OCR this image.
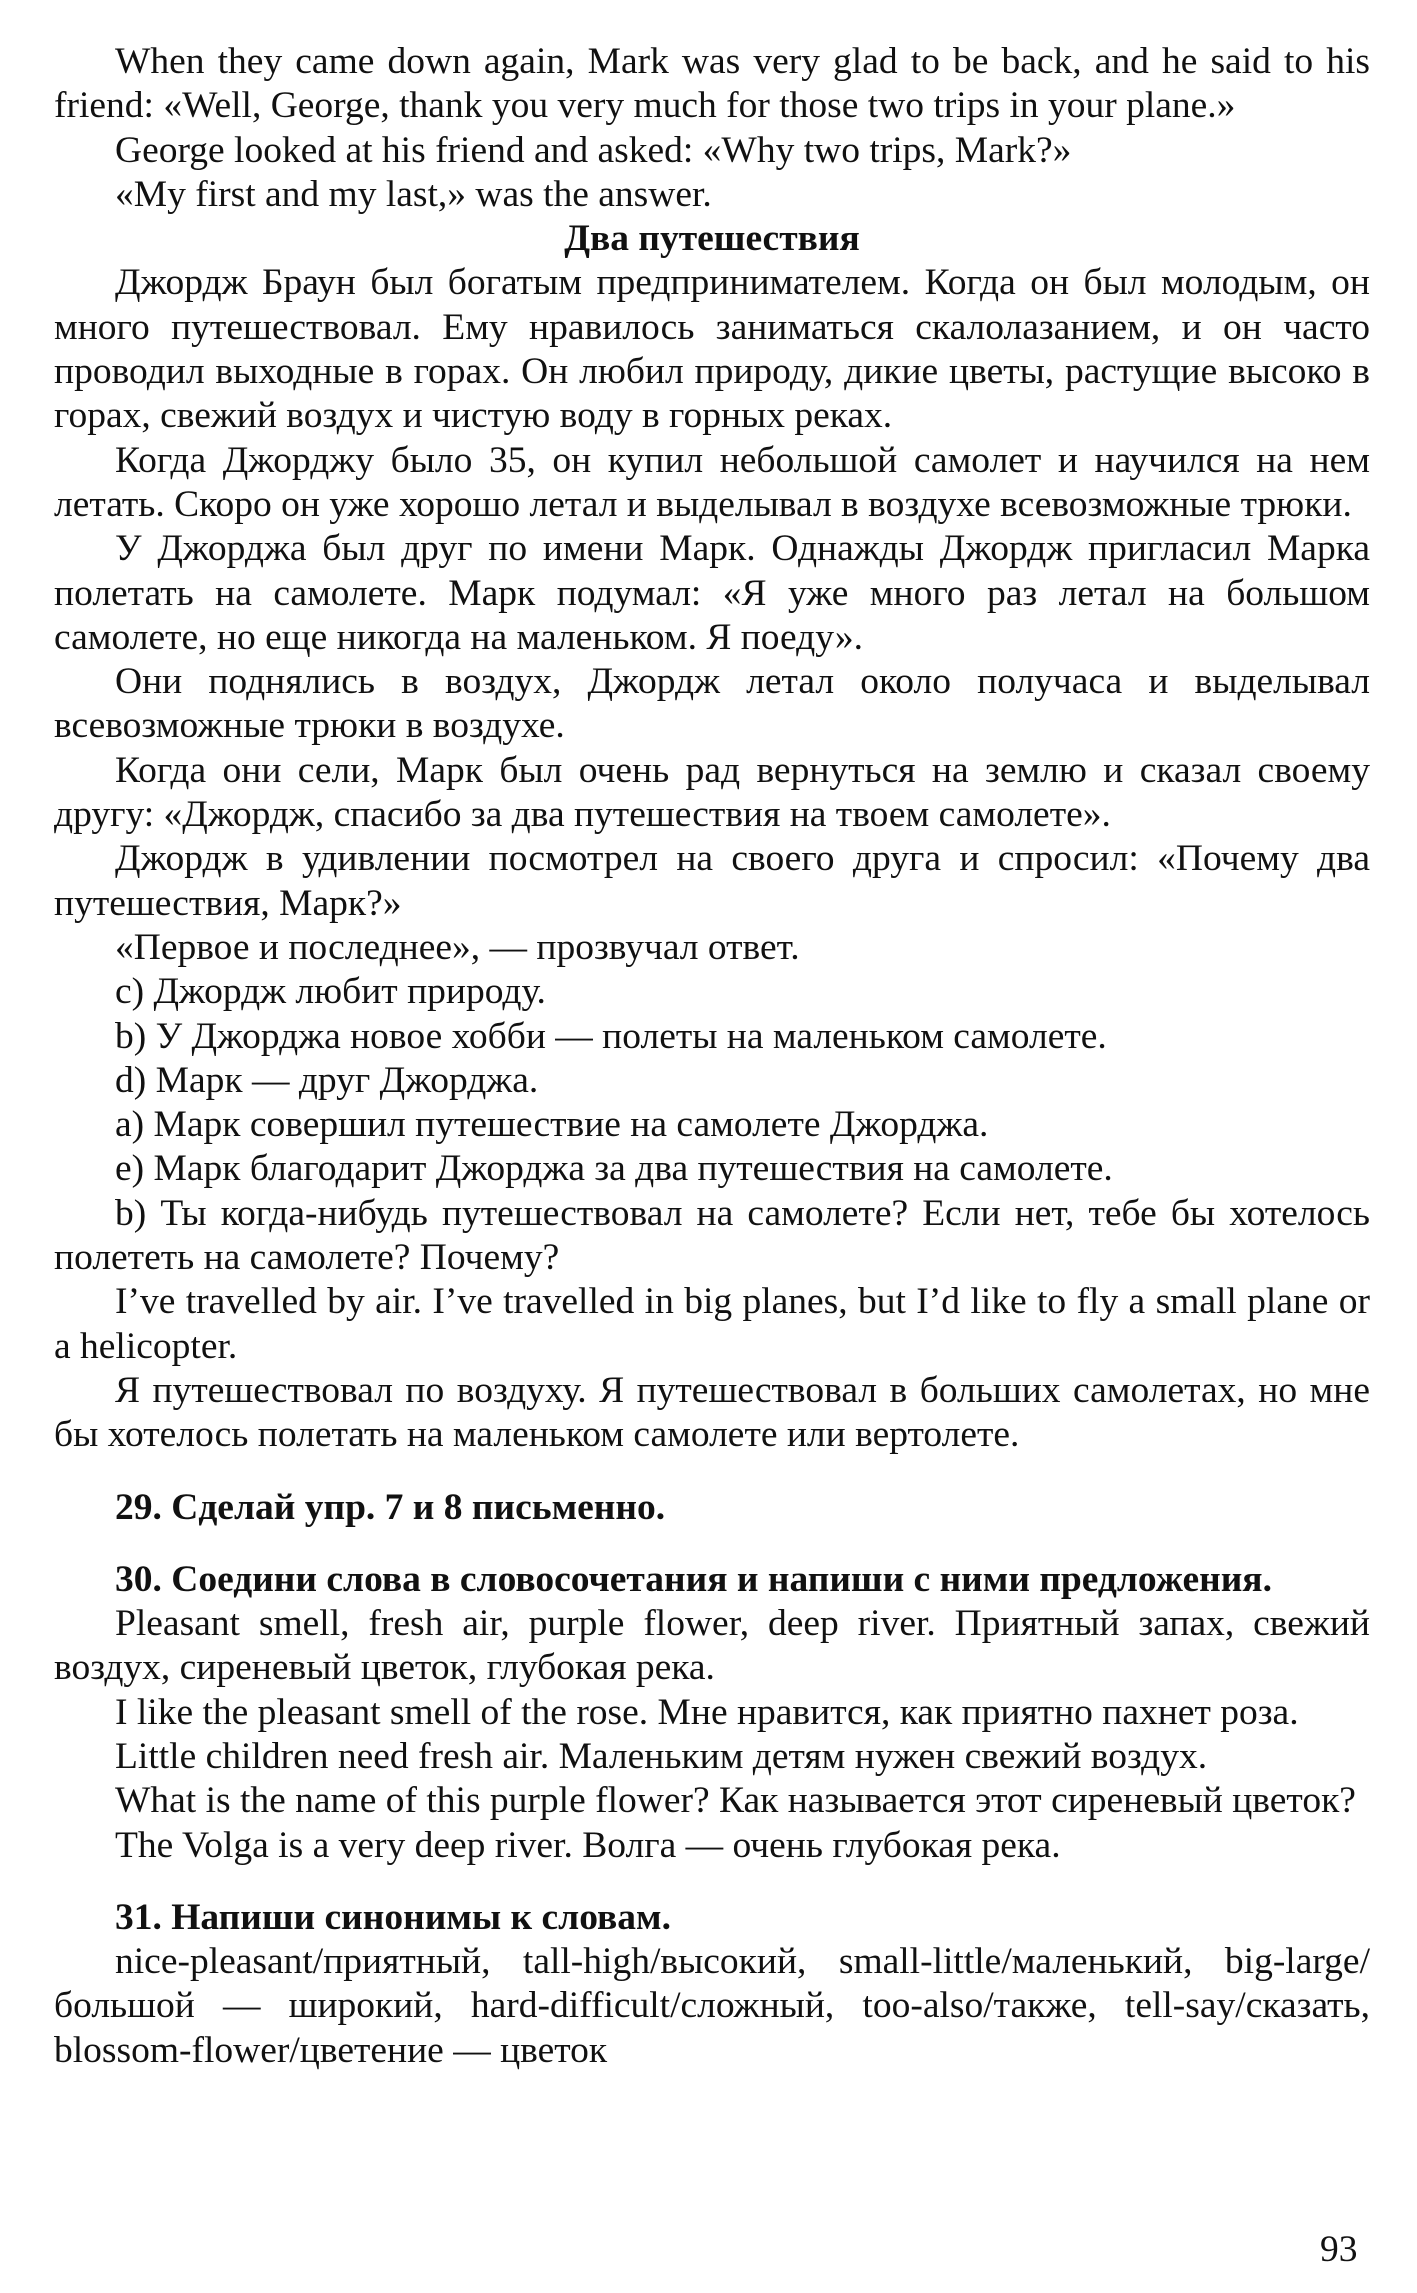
When they came down again, Mark was very glad to be back, and he said to his friend: «Well, George, thank you very much for those two trips in your plane.»

George looked at his friend and asked: «Why two trips, Mark?»

«My first and my last,» was the answer.

Два путешествия

Джордж Браун был богатым предпринимателем. Когда он был молодым, он много путешествовал. Ему нравилось заниматься скалолазанием, и он часто проводил выходные в горах. Он любил природу, дикие цветы, растущие высоко в горах, свежий воздух и чистую воду в горных реках.

Когда Джорджу было 35, он купил небольшой самолет и научился на нем летать. Скоро он уже хорошо летал и выделывал в воздухе всевозможные трюки.

У Джорджа был друг по имени Марк. Однажды Джордж пригласил Марка полетать на самолете. Марк подумал: «Я уже много раз летал на большом самолете, но еще никогда на маленьком. Я поеду».

Они поднялись в воздух, Джордж летал около получаса и выделывал всевозможные трюки в воздухе.

Когда они сели, Марк был очень рад вернуться на землю и сказал своему другу: «Джордж, спасибо за два путешествия на твоем самолете».

Джордж в удивлении посмотрел на своего друга и спросил: «Почему два путешествия, Марк?»

«Первое и последнее», — прозвучал ответ.

c) Джордж любит природу.

b) У Джорджа новое хобби — полеты на маленьком самолете.

d) Марк — друг Джорджа.

a) Марк совершил путешествие на самолете Джорджа.

e) Марк благодарит Джорджа за два путешествия на самолете.

b) Ты когда-нибудь путешествовал на самолете? Если нет, тебе бы хотелось полететь на самолете? Почему?

I’ve travelled by air. I’ve travelled in big planes, but I’d like to fly a small plane or a helicopter.

Я путешествовал по воздуху. Я путешествовал в больших самолетах, но мне бы хотелось полетать на маленьком самолете или вертолете.

29. Сделай упр. 7 и 8 письменно.

30. Соедини слова в словосочетания и напиши с ними предложения.

Pleasant smell, fresh air, purple flower, deep river. Приятный запах, свежий воздух, сиреневый цветок, глубокая река.

I like the pleasant smell of the rose. Мне нравится, как приятно пахнет роза.

Little children need fresh air. Маленьким детям нужен свежий воздух.

What is the name of this purple flower? Как называется этот сиреневый цветок?

The Volga is a very deep river. Волга — очень глубокая река.

31. Напиши синонимы к словам.

nice-pleasant/приятный, tall-high/высокий, small-little/маленький, big-large/большой — широкий, hard-difficult/сложный, too-also/также, tell-say/сказать, blossom-flower/цветение — цветок

93
